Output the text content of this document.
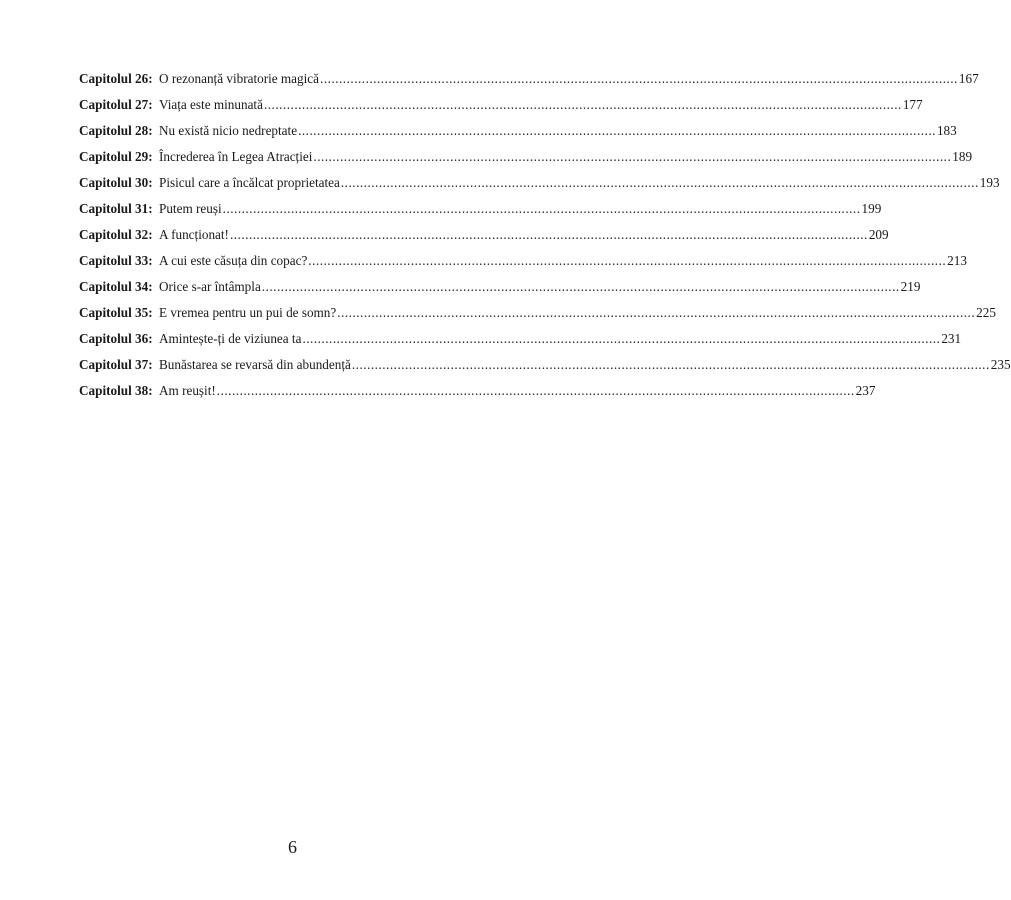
Capitolul 26: O rezonanță vibratorie magică .....	167
Capitolul 27: Viața este minunată .....	177
Capitolul 28: Nu există nicio nedreptate .....	183
Capitolul 29: Încrederea în Legea Atracției .....	189
Capitolul 30: Pisicul care a încălcat proprietatea .....	193
Capitolul 31: Putem reuși .....	199
Capitolul 32: A funcționat! .....	209
Capitolul 33: A cui este căsuța din copac? .....	213
Capitolul 34: Orice s-ar întâmpla .....	219
Capitolul 35: E vremea pentru un pui de somn? .....	225
Capitolul 36: Amintește-ți de viziunea ta .....	231
Capitolul 37: Bunăstarea se revarsă din abundență .....	235
Capitolul 38: Am reușit! .....	237
6
